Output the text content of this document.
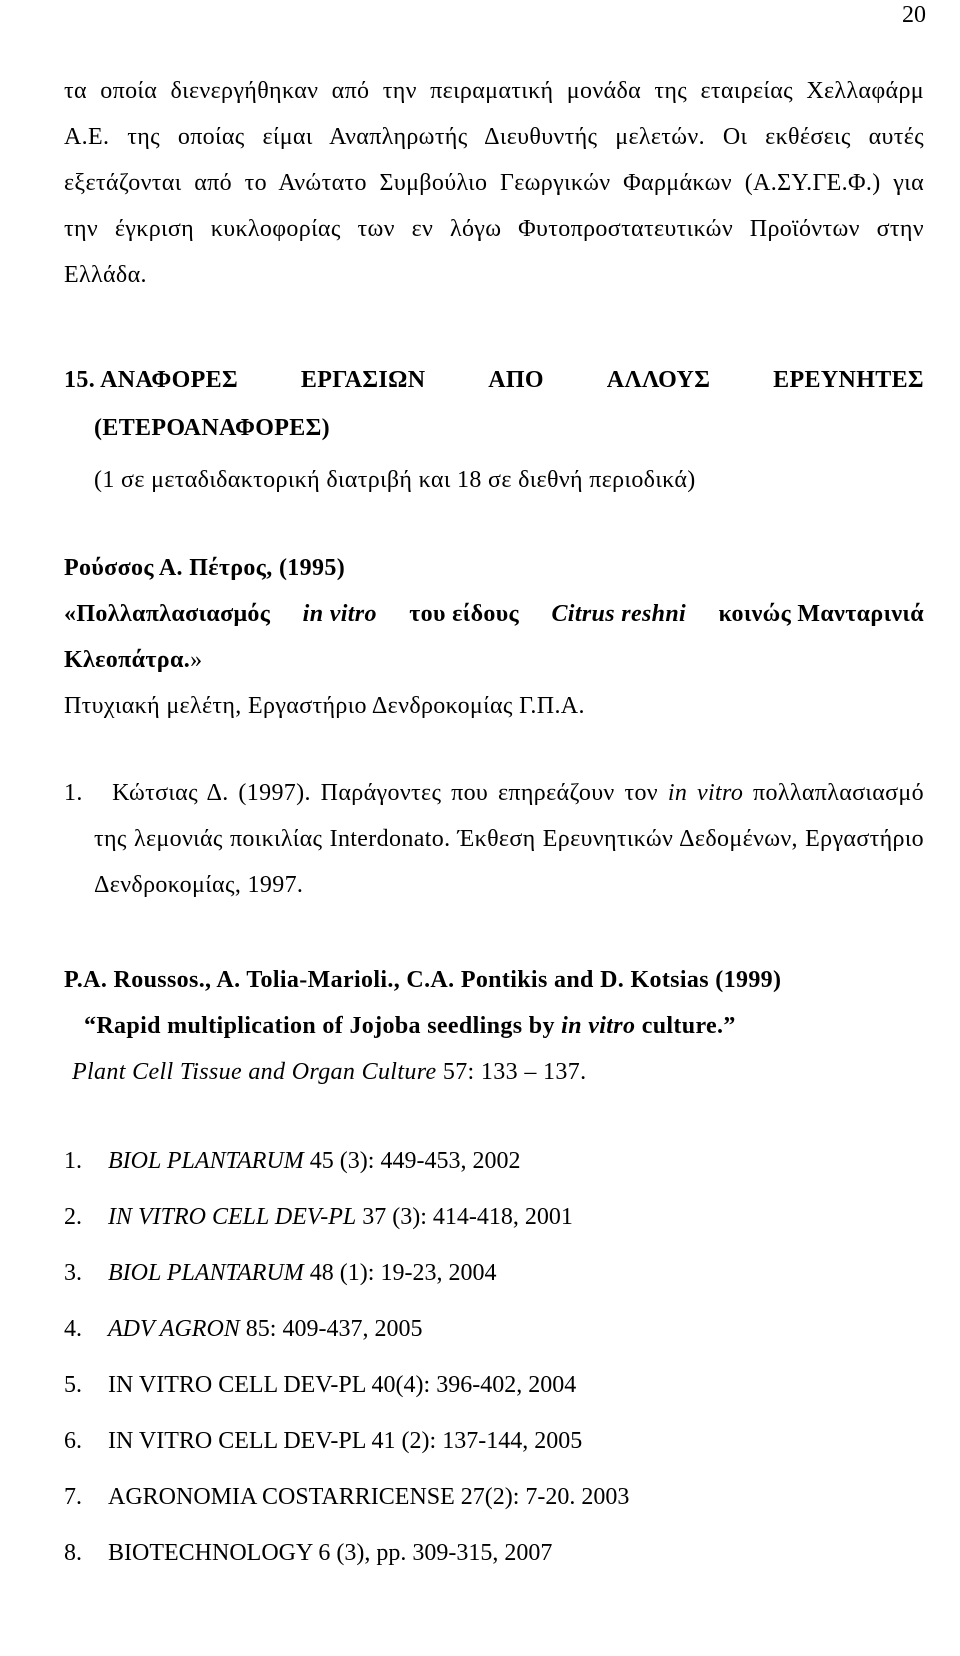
20
τα οποία διενεργήθηκαν από την πειραματική μονάδα της εταιρείας Χελλαφάρμ
Α.Ε. της οποίας είμαι Αναπληρωτής Διευθυντής μελετών. Οι εκθέσεις αυτές
εξετάζονται από το Ανώτατο Συμβούλιο Γεωργικών Φαρμάκων (Α.ΣΥ.ΓΕ.Φ.) για
την έγκριση κυκλοφορίας των εν λόγω Φυτοπροστατευτικών Προϊόντων στην
Ελλάδα.
15. ΑΝΑΦΟΡΕΣ	ΕΡΓΑΣΙΩΝ	ΑΠΟ	ΑΛΛΟΥΣ	ΕΡΕΥΝΗΤΕΣ
(ΕΤΕΡΟΑΝΑΦΟΡΕΣ)
(1 σε μεταδιδακτορική διατριβή και 18 σε διεθνή περιοδικά)
Ρούσσος Α. Πέτρος, (1995)
«Πολλαπλασιασμός in vitro του είδους Citrus reshni κοινώς Μανταρινιά
Κλεοπάτρα.»
Πτυχιακή μελέτη, Εργαστήριο Δενδροκομίας Γ.Π.Α.
1. Κώτσιας Δ. (1997). Παράγοντες που επηρεάζουν τον in vitro πολλαπλασιασμό
της λεμονιάς ποικιλίας Interdonato. Έκθεση Ερευνητικών Δεδομένων, Εργαστήριο
Δενδροκομίας, 1997.
P.A. Roussos., A. Tolia-Marioli., C.A. Pontikis and D. Kotsias (1999)
“Rapid multiplication of Jojoba seedlings by in vitro culture.”
Plant Cell Tissue and Organ Culture 57: 133 – 137.
1. BIOL PLANTARUM 45 (3): 449-453, 2002
2. IN VITRO CELL DEV-PL 37 (3): 414-418, 2001
3. BIOL PLANTARUM 48 (1): 19-23, 2004
4. ADV AGRON 85: 409-437, 2005
5. IN VITRO CELL DEV-PL 40(4): 396-402, 2004
6. IN VITRO CELL DEV-PL 41 (2): 137-144, 2005
7. AGRONOMIA COSTARRICENSE 27(2): 7-20. 2003
8. BIOTECHNOLOGY 6 (3), pp. 309-315, 2007
